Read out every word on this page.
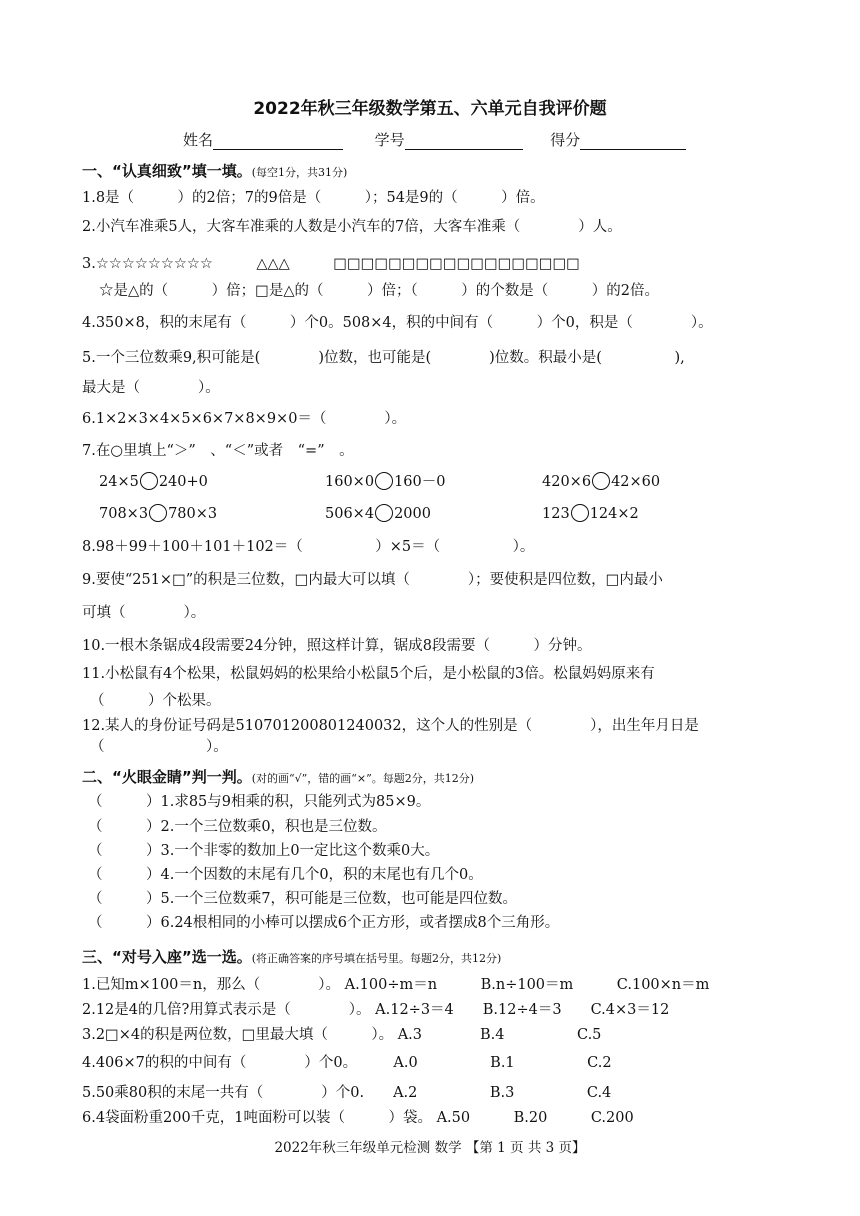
2022年秋三年级数学第五、六单元自我评价题
姓名	学号	得分
一、“认真细致”填一填。(每空1分，共31分)
1.8是（　　　）的2倍；7的9倍是（　　　）；54是9的（　　　）倍。
2.小汽车准乘5人，大客车准乘的人数是小汽车的7倍，大客车准乘（　　　　）人。
3.☆☆☆☆☆☆☆☆☆　　　△△△　　　□□□□□□□□□□□□□□□□□□
☆是△的（　　　）倍；□是△的（　　　）倍；（　　　）的个数是（　　　）的2倍。
4.350×8，积的末尾有（　　　）个0。508×4，积的中间有（　　　）个0，积是（　　　　）。
5.一个三位数乘9,积可能是(　　　　)位数，也可能是(　　　　)位数。积最小是(　　　　　),
最大是（　　　　）。
6.1×2×3×4×5×6×7×8×9×0＝（　　　　）。
7.在○里填上“＞”　、“＜”或者　“=”　。
24×5 240+0	160×0 160－0	420×6 42×60
708×3 780×3	506×4 2000	123 124×2
8.98＋99＋100＋101＋102＝（　　　　　）×5＝（　　　　　）。
9.要使“251×□”的积是三位数，□内最大可以填（　　　　）；要使积是四位数，□内最小
可填（　　　　）。
10.一根木条锯成4段需要24分钟，照这样计算，锯成8段需要（　　　）分钟。
11.小松鼠有4个松果，松鼠妈妈的松果给小松鼠5个后，是小松鼠的3倍。松鼠妈妈原来有
（　　　）个松果。
12.某人的身份证号码是510701200801240032，这个人的性别是（　　　　），出生年月日是
（　　　　　　　）。
二、“火眼金睛”判一判。(对的画“√”，错的画“×”。每题2分，共12分)
（　　　）1.求85与9相乘的积，只能列式为85×9。
（　　　）2.一个三位数乘0，积也是三位数。
（　　　）3.一个非零的数加上0一定比这个数乘0大。
（　　　）4.一个因数的末尾有几个0，积的末尾也有几个0。
（　　　）5.一个三位数乘7，积可能是三位数，也可能是四位数。
（　　　）6.24根相同的小棒可以摆成6个正方形，或者摆成8个三角形。
三、“对号入座”选一选。(将正确答案的序号填在括号里。每题2分，共12分)
1.已知m×100＝n，那么（　　　　）。 A.100÷m＝n　　　B.n÷100＝m　　　C.100×n＝m
2.12是4的几倍?用算式表示是（　　　　）。 A.12÷3＝4　　B.12÷4＝3　　C.4×3＝12
3.2□×4的积是两位数，□里最大填（　　　）。 A.3　　　　B.4　　　　　C.5
4.406×7的积的中间有（　　　　）个0。　　　A.0　　　　　B.1　　　　　C.2
5.50乘80积的末尾一共有（　　　　）个0.　　A.2　　　　　B.3　　　　　C.4
6.4袋面粉重200千克，1吨面粉可以装（　　　）袋。 A.50　　　B.20　　　C.200
2022年秋三年级单元检测 数学 【第 1 页 共 3 页】
